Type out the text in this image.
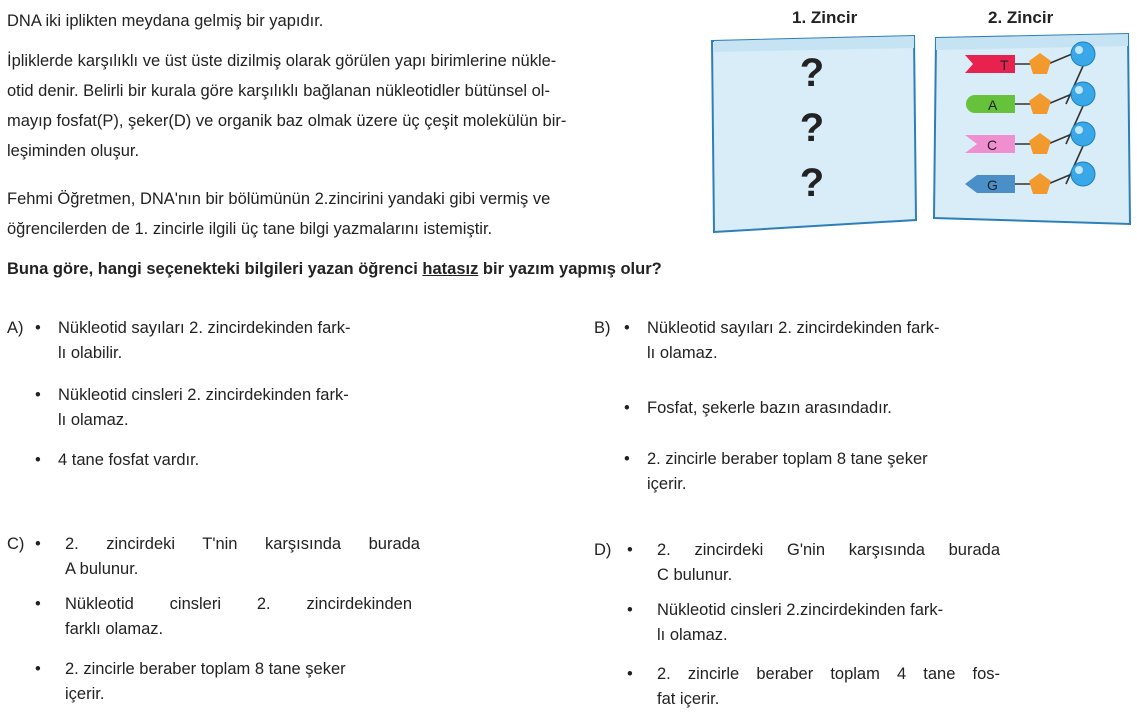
DNA iki iplikten meydana gelmiş bir yapıdır.

İpliklerde karşılıklı ve üst üste dizilmiş olarak görülen yapı birimlerine nükle-
otid denir. Belirli bir kurala göre karşılıklı bağlanan nükleotidler bütünsel ol-
mayıp fosfat(P), şeker(D) ve organik baz olmak üzere üç çeşit molekülün bir-
leşiminden oluşur.
Fehmi Öğretmen, DNA'nın bir bölümünün 2.zincirini yandaki gibi vermiş ve
öğrencilerden de 1. zincirle ilgili üç tane bilgi yazmalarını istemiştir.

Buna göre, hangi seçenekteki bilgileri yazan öğrenci hatasız bir yazım yapmış olur?

1. Zincir	2. Zincir
?
?
?
T
A
C
G
A) • Nükleotid sayıları 2. zincirdekinden fark-
lı olabilir.
• Nükleotid cinsleri 2. zincirdekinden fark-
lı olamaz.
• 4 tane fosfat vardır.
B) • Nükleotid sayıları 2. zincirdekinden fark-
lı olamaz.
• Fosfat, şekerle bazın arasındadır.
• 2. zincirle beraber toplam 8 tane şeker
içerir.
C) • 2. zincirdeki T'nin karşısında burada
A bulunur.
• Nükleotid cinsleri 2. zincirdekinden
farklı olamaz.
• 2. zincirle beraber toplam 8 tane şeker
içerir.
D) • 2. zincirdeki G'nin karşısında burada
C bulunur.
• Nükleotid cinsleri 2.zincirdekinden fark-
lı olamaz.
• 2. zincirle beraber toplam 4 tane fos-
fat içerir.
